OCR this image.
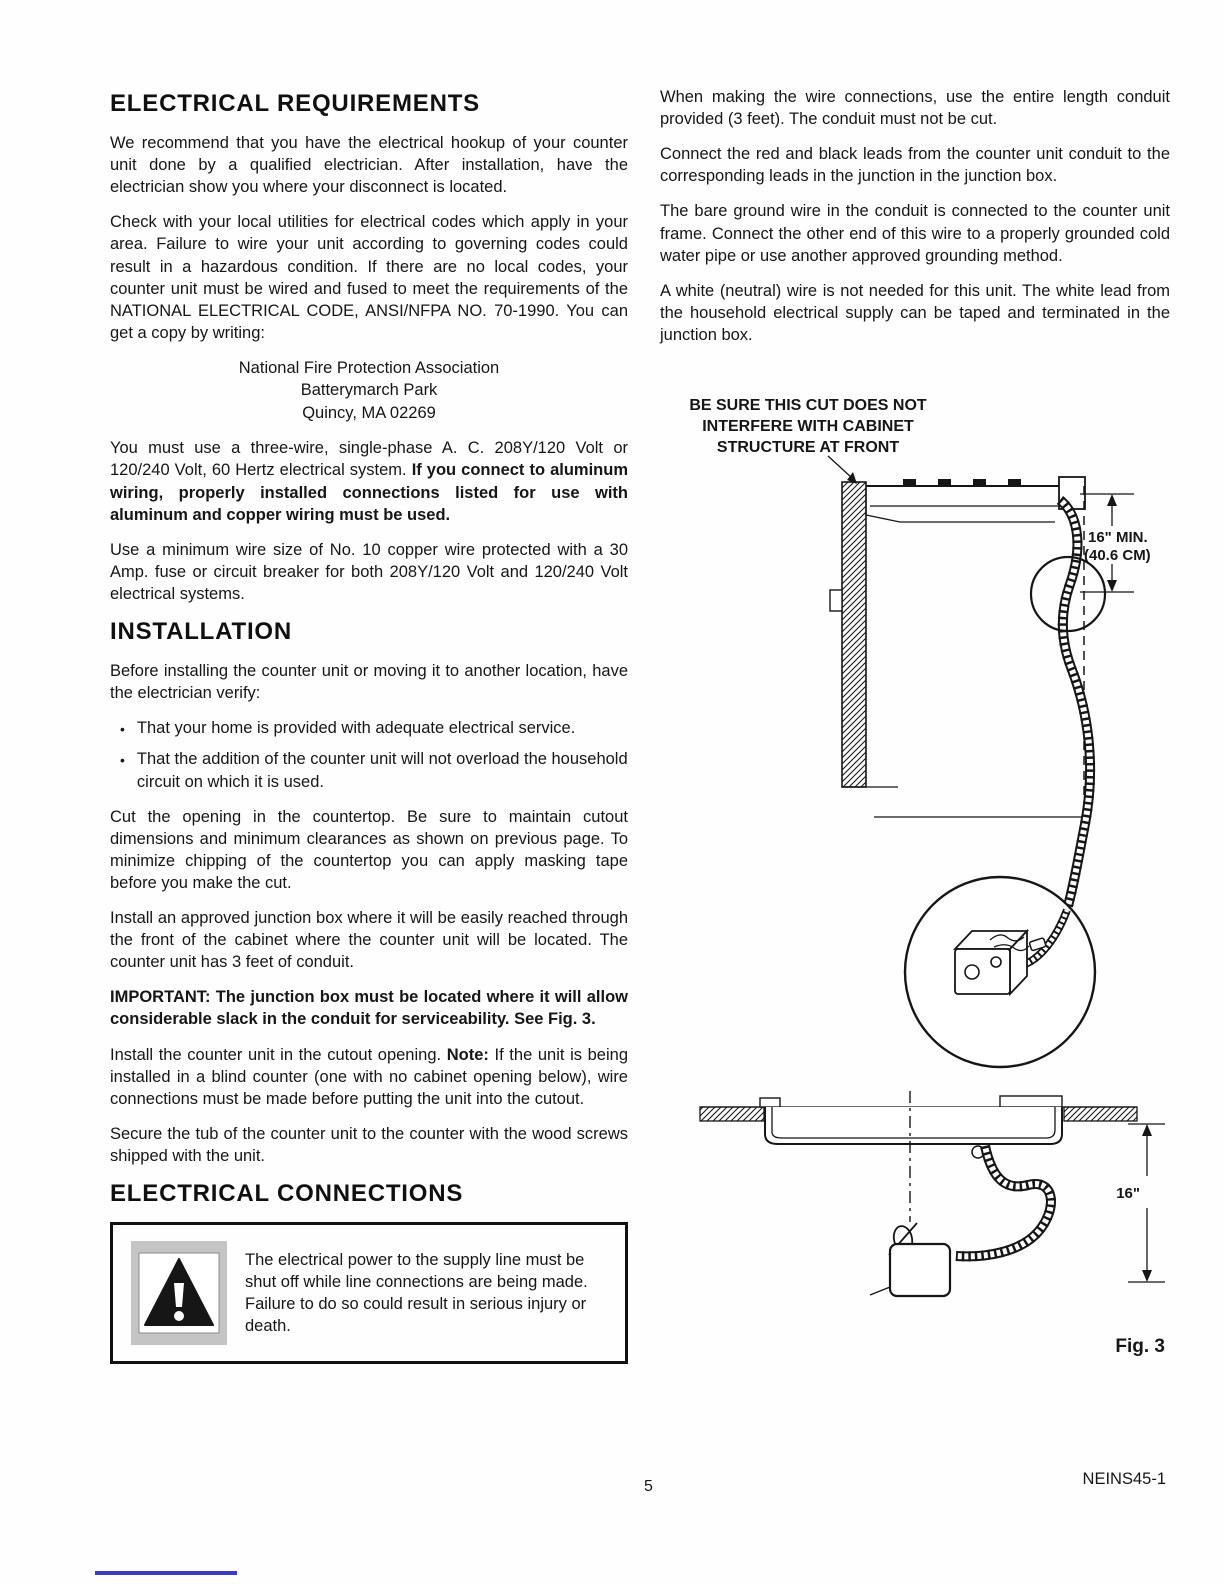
ELECTRICAL REQUIREMENTS

We recommend that you have the electrical hookup of your counter unit done by a qualified electrician. After installation, have the electrician show you where your disconnect is located.

Check with your local utilities for electrical codes which apply in your area. Failure to wire your unit according to governing codes could result in a hazardous condition. If there are no local codes, your counter unit must be wired and fused to meet the requirements of the NATIONAL ELECTRICAL CODE, ANSI/NFPA NO. 70-1990. You can get a copy by writing:

National Fire Protection Association
Batterymarch Park
Quincy, MA 02269

You must use a three-wire, single-phase A. C. 208Y/120 Volt or 120/240 Volt, 60 Hertz electrical system. If you connect to aluminum wiring, properly installed connections listed for use with aluminum and copper wiring must be used.

Use a minimum wire size of No. 10 copper wire protected with a 30 Amp. fuse or circuit breaker for both 208Y/120 Volt and 120/240 Volt electrical systems.

INSTALLATION

Before installing the counter unit or moving it to another location, have the electrician verify:

•
That your home is provided with adequate electrical service.
•
That the addition of the counter unit will not overload the household circuit on which it is used.

Cut the opening in the countertop. Be sure to maintain cutout dimensions and minimum clearances as shown on previous page. To minimize chipping of the countertop you can apply masking tape before you make the cut.

Install an approved junction box where it will be easily reached through the front of the cabinet where the counter unit will be located. The counter unit has 3 feet of conduit.

IMPORTANT: The junction box must be located where it will allow considerable slack in the conduit for serviceability. See Fig. 3.

Install the counter unit in the cutout opening. Note: If the unit is being installed in a blind counter (one with no cabinet opening below), wire connections must be made before putting the unit into the cutout.

Secure the tub of the counter unit to the counter with the wood screws shipped with the unit.

ELECTRICAL CONNECTIONS
The electrical power to the supply line must be shut off while line connections are being made. Failure to do so could result in serious injury or death.

When making the wire connections, use the entire length conduit provided (3 feet). The conduit must not be cut.

Connect the red and black leads from the counter unit conduit to the corresponding leads in the junction in the junction box.

The bare ground wire in the conduit is connected to the counter unit frame. Connect the other end of this wire to a properly grounded cold water pipe or use another approved grounding method.

A white (neutral) wire is not needed for this unit. The white lead from the household electrical supply can be taped and terminated in the junction box.

BE SURE THIS CUT DOES NOT
INTERFERE WITH CABINET
STRUCTURE AT FRONT
16" MIN.
(40.6 CM)
16"
Fig. 3
5	NEINS45-1
